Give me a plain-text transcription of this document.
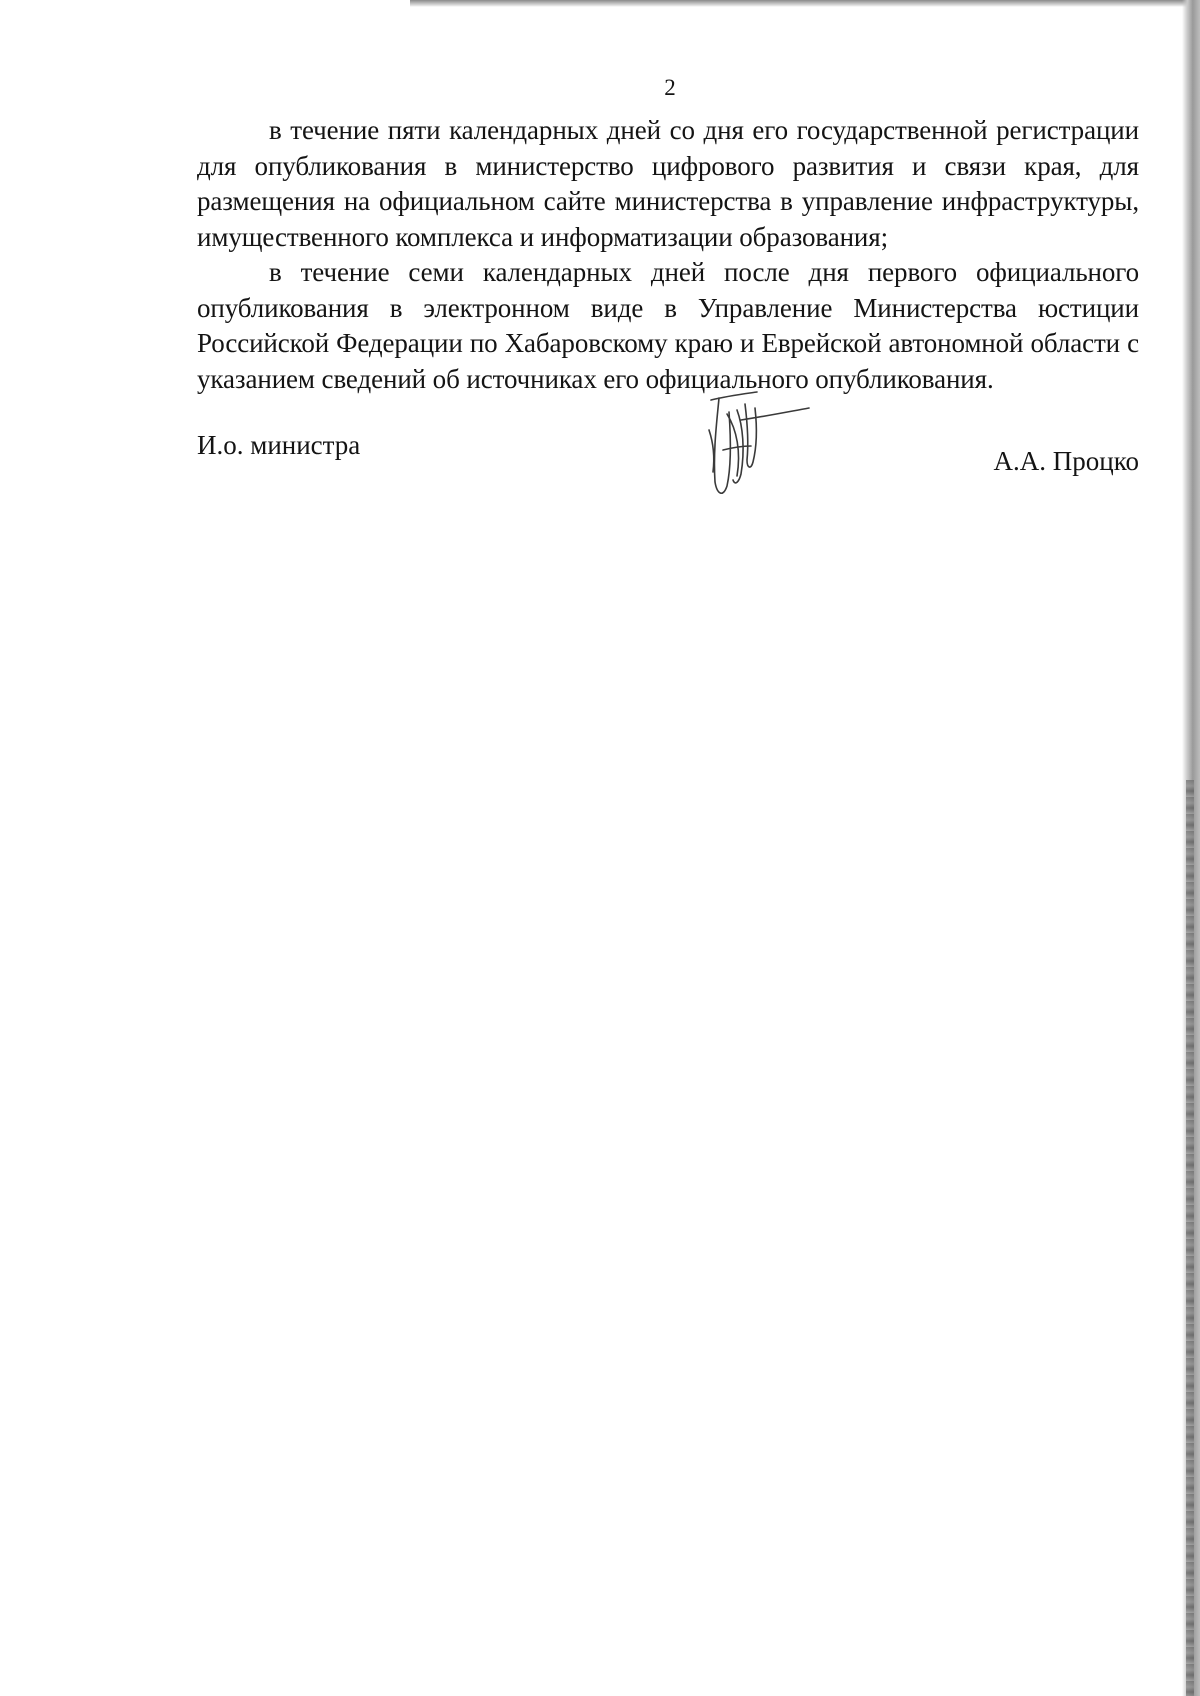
2

в течение пяти календарных дней со дня его государственной регистрации для опубликования в министерство цифрового развития и связи края, для размещения на официальном сайте министерства в управление инфраструктуры, имущественного комплекса и информатизации образования;

в течение семи календарных дней после дня первого официального опубликования в электронном виде в Управление Министерства юстиции Российской Федерации по Хабаровскому краю и Еврейской автономной области с указанием сведений об источниках его официального опубликования.

И.о. министра
А.А. Процко
